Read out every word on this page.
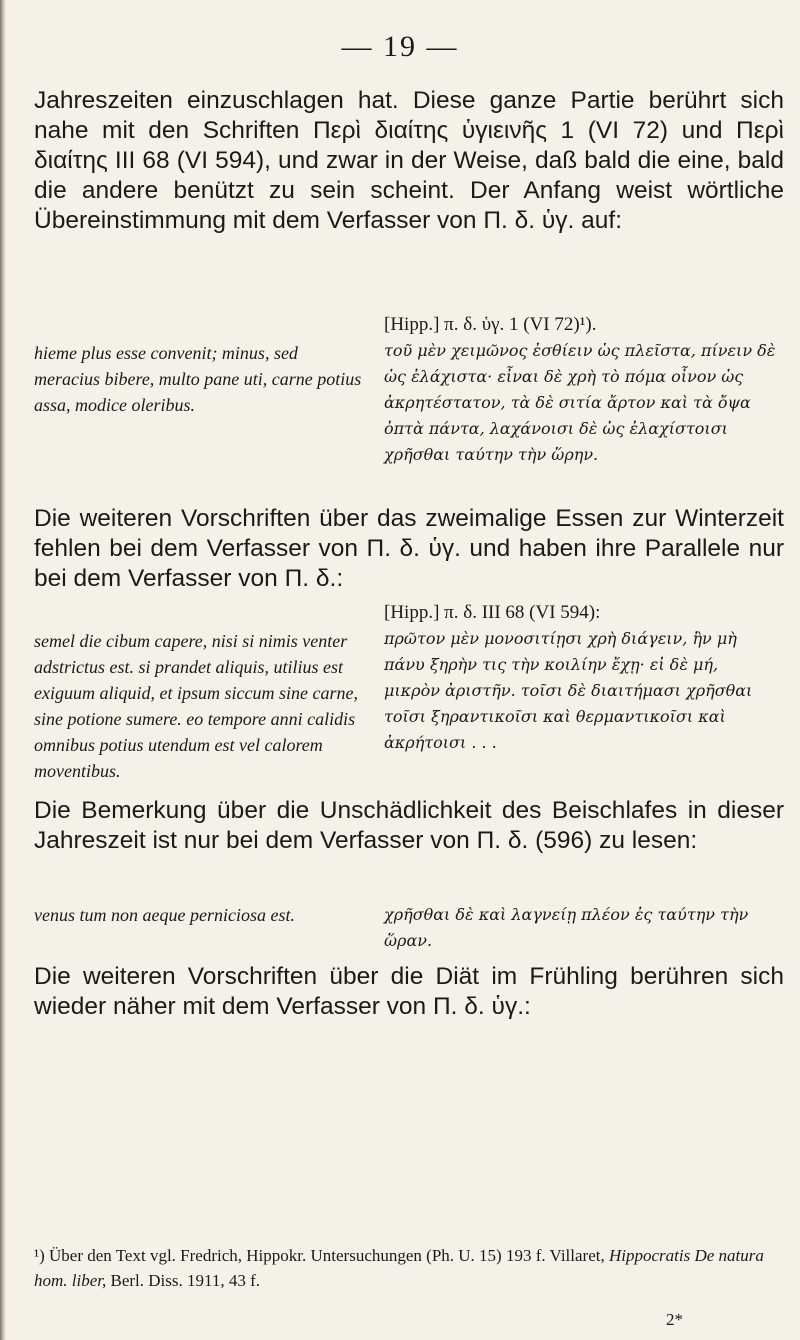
— 19 —

Jahreszeiten einzuschlagen hat. Diese ganze Partie berührt sich nahe mit den Schriften Περὶ διαίτης ὑγιεινῆς 1 (VI 72) und Περὶ διαίτης III 68 (VI 594), und zwar in der Weise, daß bald die eine, bald die andere benützt zu sein scheint. Der Anfang weist wörtliche Übereinstimmung mit dem Verfasser von Π. δ. ὑγ. auf:

hieme plus esse convenit; minus, sed meracius bibere, multo pane uti, carne potius assa, modice oleribus.
[Hipp.] π. δ. ὑγ. 1 (VI 72)¹).
τοῦ μὲν χειμῶνος ἐσθίειν ὡς πλεῖστα, πίνειν δὲ ὡς ἐλάχιστα· εἶναι δὲ χρὴ τὸ πόμα οἶνον ὡς ἀκρητέστατον, τὰ δὲ σιτία ἄρτον καὶ τὰ ὄψα ὀπτὰ πάντα, λαχάνοισι δὲ ὡς ἐλαχίστοισι χρῆσθαι ταύτην τὴν ὥρην.

Die weiteren Vorschriften über das zweimalige Essen zur Winterzeit fehlen bei dem Verfasser von Π. δ. ὑγ. und haben ihre Parallele nur bei dem Verfasser von Π. δ.:

semel die cibum capere, nisi si nimis venter adstrictus est. si prandet aliquis, utilius est exiguum aliquid, et ipsum siccum sine carne, sine potione sumere. eo tempore anni calidis omnibus potius utendum est vel calorem moventibus.
[Hipp.] π. δ. III 68 (VI 594):
πρῶτον μὲν μονοσιτίῃσι χρὴ διάγειν, ἢν μὴ πάνυ ξηρὴν τις τὴν κοιλίην ἔχῃ· εἰ δὲ μή, μικρὸν ἀριστῆν. τοῖσι δὲ διαιτήμασι χρῆσθαι τοῖσι ξηραντικοῖσι καὶ θερμαντικοῖσι καὶ ἀκρήτοισι . . .

Die Bemerkung über die Unschädlichkeit des Beischlafes in dieser Jahreszeit ist nur bei dem Verfasser von Π. δ. (596) zu lesen:

venus tum non aeque perniciosa est.	χρῆσθαι δὲ καὶ λαγνείῃ πλέον ἐς ταύτην τὴν ὥραν.

Die weiteren Vorschriften über die Diät im Frühling berühren sich wieder näher mit dem Verfasser von Π. δ. ὑγ.:

¹) Über den Text vgl. Fredrich, Hippokr. Untersuchungen (Ph. U. 15) 193 f. Villaret, Hippocratis De natura hom. liber, Berl. Diss. 1911, 43 f.
2*
